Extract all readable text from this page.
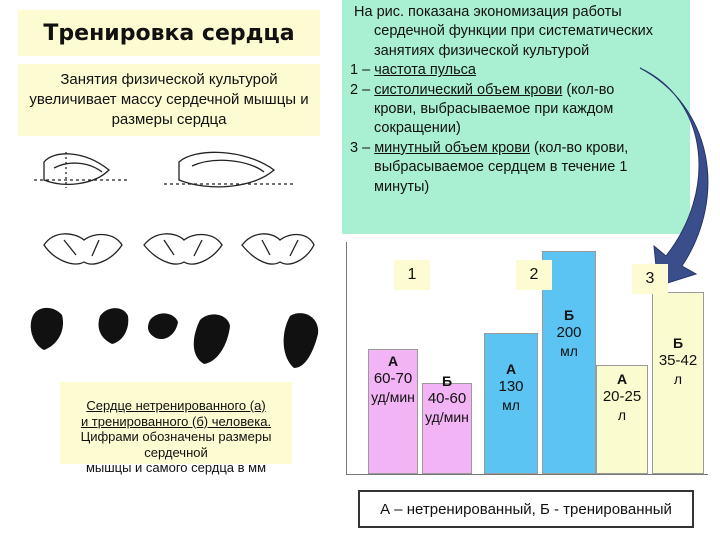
Тренировка сердца
Занятия физической культурой увеличивает массу сердечной мышцы и размеры сердца

На рис. показана экономизация работы

сердечной функции при систематических

занятиях физической культурой

1 – частота пульса

2 – систолический объем крови (кол-во

крови, выбрасываемое при каждом

сокращении)

3 – минутный объем крови (кол-во крови,

выбрасываемое сердцем в течение 1

минуты)

Сердце нетренированного (а)
и тренированного (б) человека.
Цифрами обозначены размеры сердечной
мышцы и самого сердца в мм
А
60-70
уд/мин
Б
40-60
уд/мин
1
А
130
мл
Б
200
мл
2
А
20-25
л
Б
35-42
л
3
А – нетренированный, Б - тренированный
